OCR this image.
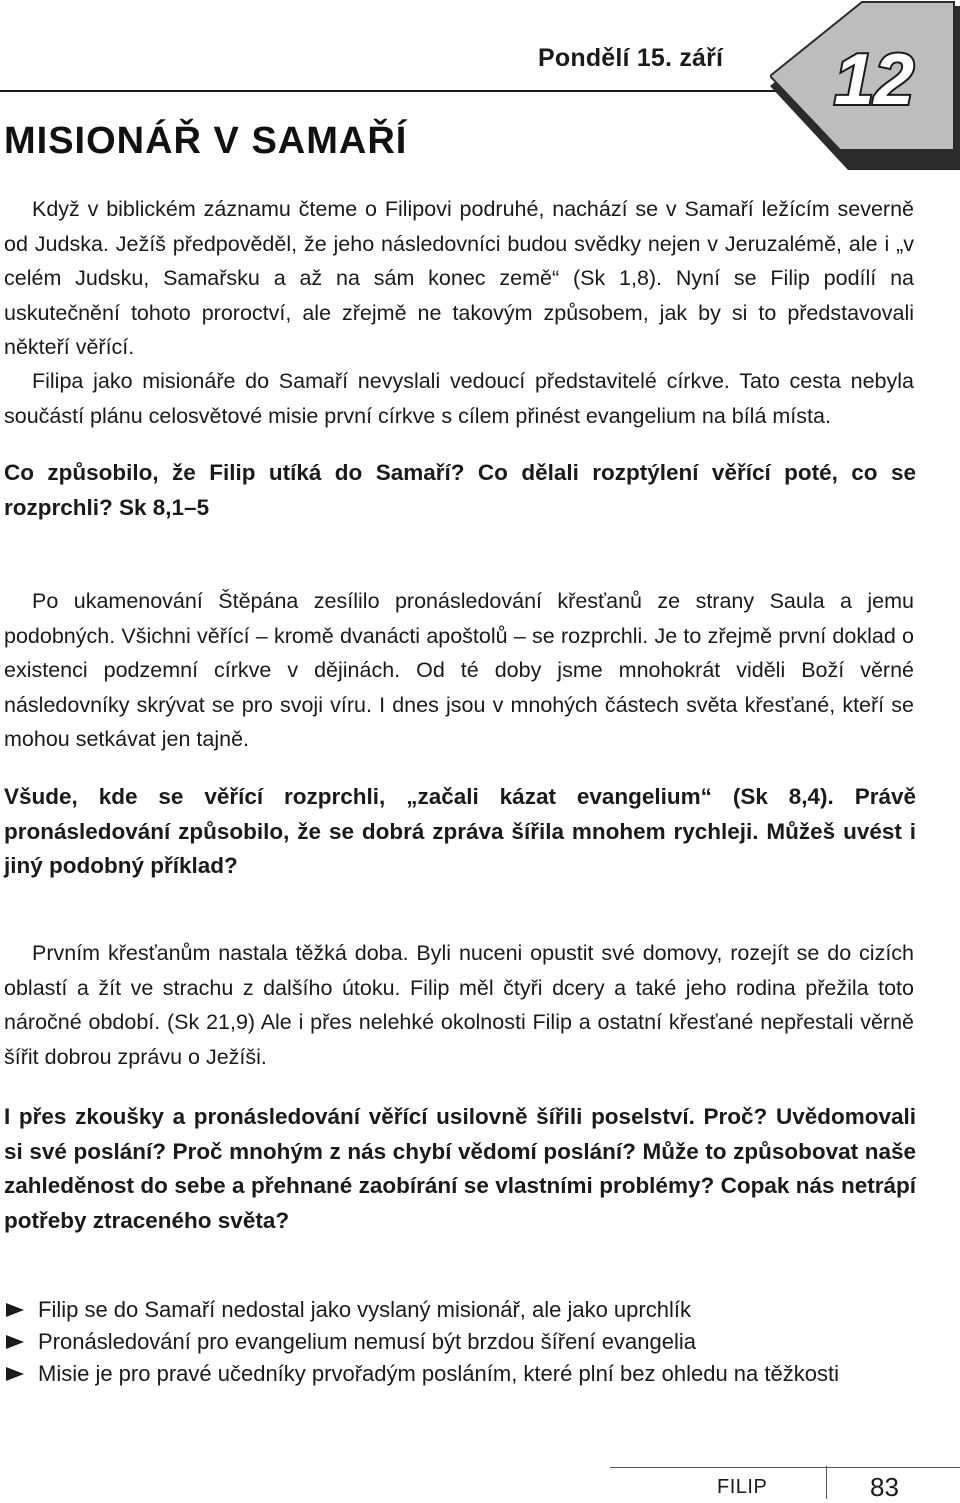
Pondělí 15. září 12
MISIONÁŘ V SAMAŘÍ

Když v biblickém záznamu čteme o Filipovi podruhé, nachází se v Samaří ležícím severně od Judska. Ježíš předpověděl, že jeho následovníci budou svědky nejen v Jeruzalémě, ale i „v celém Judsku, Samařsku a až na sám konec země“ (Sk 1,8). Nyní se Filip podílí na uskutečnění tohoto proroctví, ale zřejmě ne takovým způsobem, jak by si to představovali někteří věřící.

Filipa jako misionáře do Samaří nevyslali vedoucí představitelé církve. Tato cesta nebyla součástí plánu celosvětové misie první církve s cílem přinést evangelium na bílá místa.

Co způsobilo, že Filip utíká do Samaří? Co dělali rozptýlení věřící poté, co se rozprchli? Sk 8,1–5

Po ukamenování Štěpána zesílilo pronásledování křesťanů ze strany Saula a jemu podobných. Všichni věřící – kromě dvanácti apoštolů – se rozprchli. Je to zřejmě první doklad o existenci podzemní církve v dějinách. Od té doby jsme mnohokrát viděli Boží věrné následovníky skrývat se pro svoji víru. I dnes jsou v mnohých částech světa křesťané, kteří se mohou setkávat jen tajně.

Všude, kde se věřící rozprchli, „začali kázat evangelium“ (Sk 8,4). Právě pronásledování způsobilo, že se dobrá zpráva šířila mnohem rychleji. Můžeš uvést i jiný podobný příklad?

Prvním křesťanům nastala těžká doba. Byli nuceni opustit své domovy, rozejít se do cizích oblastí a žít ve strachu z dalšího útoku. Filip měl čtyři dcery a také jeho rodina přežila toto náročné období. (Sk 21,9) Ale i přes nelehké okolnosti Filip a ostatní křesťané nepřestali věrně šířit dobrou zprávu o Ježíši.

I přes zkoušky a pronásledování věřící usilovně šířili poselství. Proč? Uvědomovali si své poslání? Proč mnohým z nás chybí vědomí poslání? Může to způsobovat naše zahleděnost do sebe a přehnané zaobírání se vlastními problémy? Copak nás netrápí potřeby ztraceného světa?

Filip se do Samaří nedostal jako vyslaný misionář, ale jako uprchlík
Pronásledování pro evangelium nemusí být brzdou šíření evangelia
Misie je pro pravé učedníky prvořadým posláním, které plní bez ohledu na těžkosti
FILIP	83
